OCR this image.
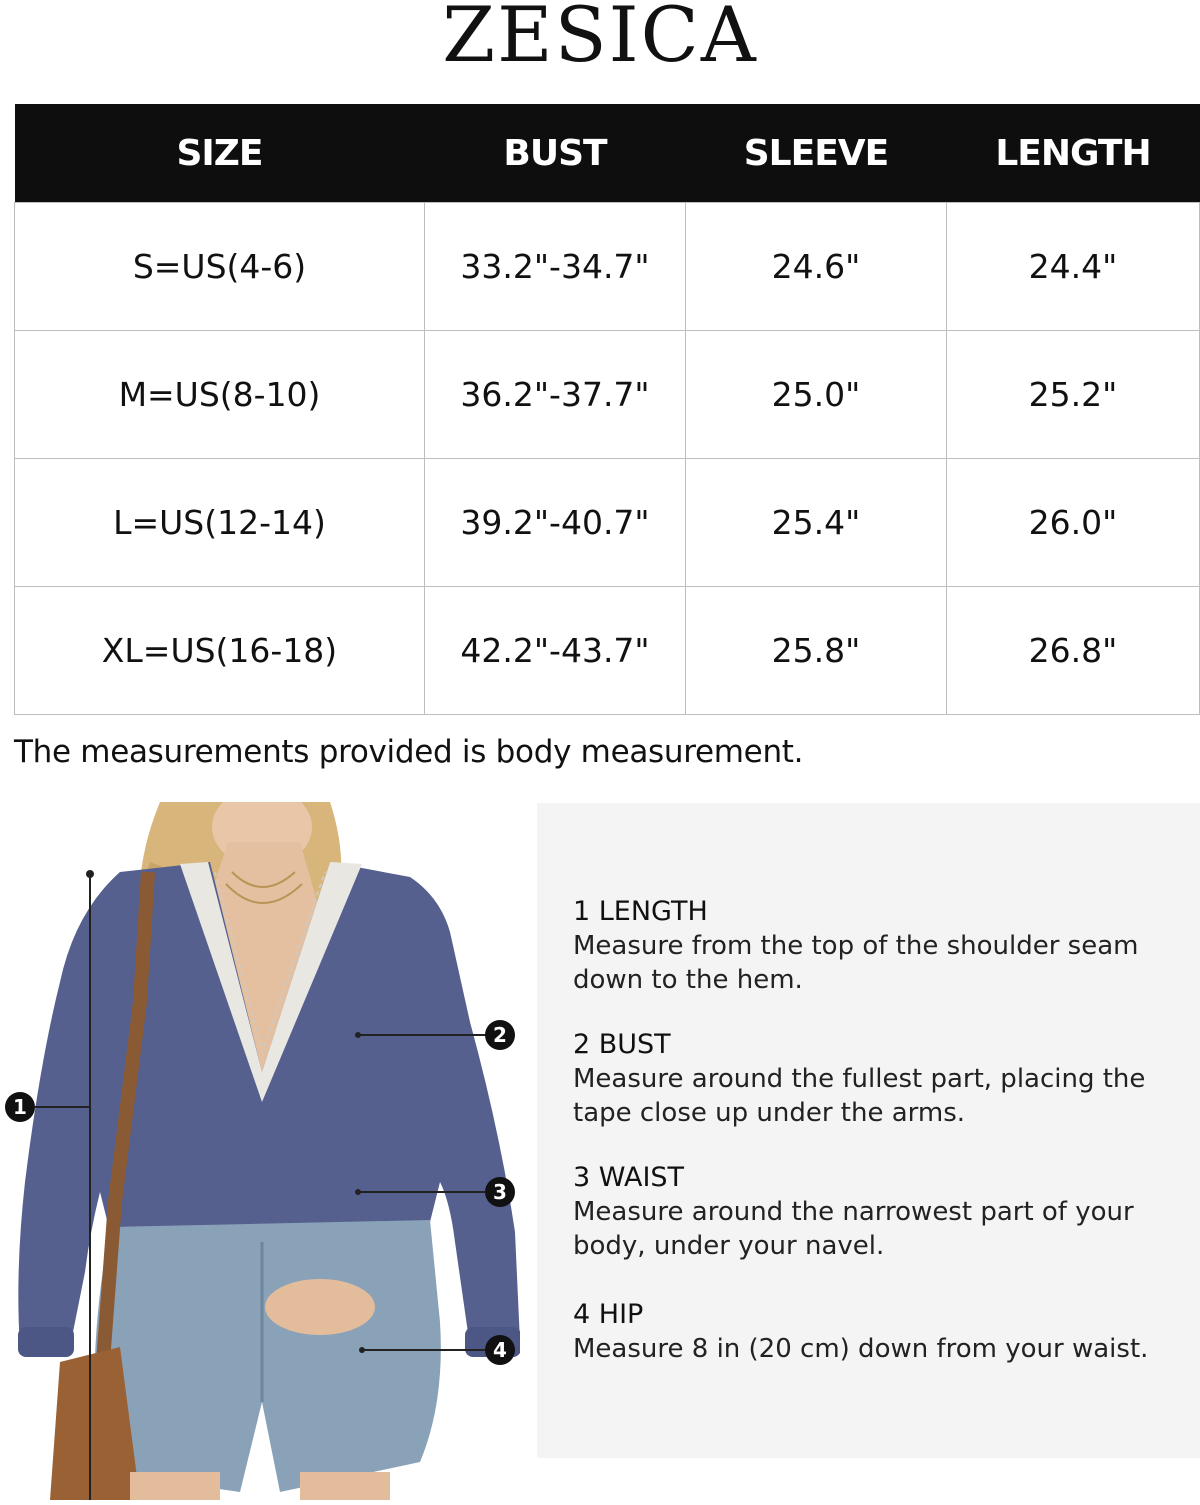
ZESICA
SIZE	BUST	SLEEVE	LENGTH
S=US(4-6)	33.2"-34.7"	24.6"	24.4"
M=US(8-10)	36.2"-37.7"	25.0"	25.2"
L=US(12-14)	39.2"-40.7"	25.4"	26.0"
XL=US(16-18)	42.2"-43.7"	25.8"	26.8"
The measurements provided is body measurement.
1
2
3
4
1 LENGTH
Measure from the top of the shoulder seam down to the hem.
2 BUST
Measure around the fullest part, placing the tape close up under the arms.
3 WAIST
Measure around the narrowest part of your body, under your navel.
4 HIP
Measure 8 in (20 cm) down from your waist.
